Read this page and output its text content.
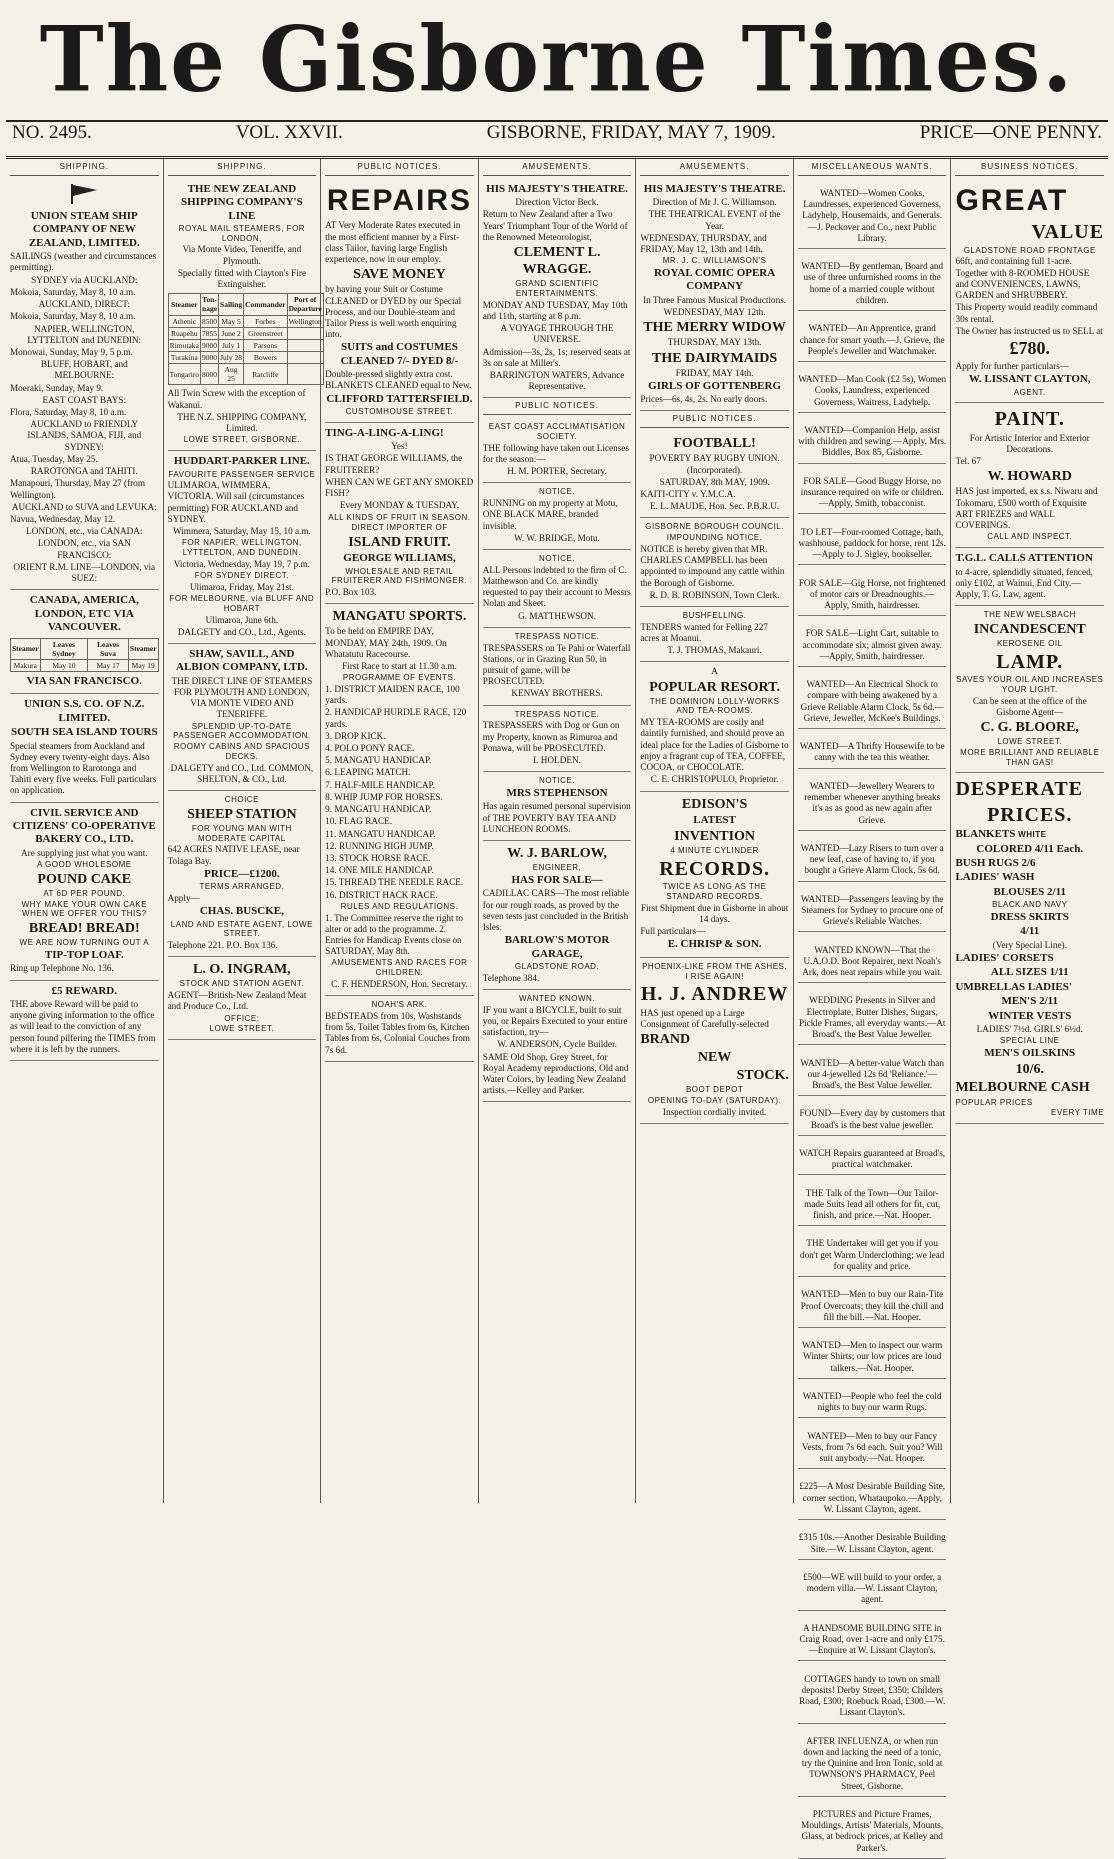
The Gisborne Times.
NO. 2495.	VOL. XXVII.	GISBORNE, FRIDAY, MAY 7, 1909.	PRICE—ONE PENNY.
SHIPPING.

UNION STEAM SHIP COMPANY OF NEW ZEALAND, LIMITED.

SAILINGS (weather and circumstances permitting).

SYDNEY via AUCKLAND:

Mokoia, Saturday, May 8, 10 a.m.

AUCKLAND, DIRECT:

Mokoia, Saturday, May 8, 10 a.m.

NAPIER, WELLINGTON, LYTTELTON and DUNEDIN:

Monowai, Sunday, May 9, 5 p.m.

BLUFF, HOBART, and MELBOURNE:

Moeraki, Sunday, May 9.

EAST COAST BAYS:

Flora, Saturday, May 8, 10 a.m.

AUCKLAND to FRIENDLY ISLANDS, SAMOA, FIJI, and SYDNEY:

Atua, Tuesday, May 25.

RAROTONGA and TAHITI.

Manapouri, Thursday, May 27 (from Wellington).

AUCKLAND to SUVA and LEVUKA:

Navua, Wednesday, May 12.

LONDON, etc., via CANADA:

LONDON, etc., via SAN FRANCISCO:

ORIENT R.M. LINE—LONDON, via SUEZ:

CANADA, AMERICA, LONDON, ETC VIA VANCOUVER.

Steamer	Leaves Sydney	Leaves Suva	Steamer
Makura	May 10	May 17	May 19

VIA SAN FRANCISCO.

UNION S.S. CO. OF N.Z. LIMITED.

SOUTH SEA ISLAND TOURS

Special steamers from Auckland and Sydney every twenty-eight days. Also from Wellington to Rarotonga and Tahiti every five weeks. Full particulars on application.

CIVIL SERVICE AND CITIZENS' CO-OPERATIVE BAKERY CO., LTD.

Are supplying just what you want.

A GOOD WHOLESOME

POUND CAKE

AT 6D PER POUND.

WHY MAKE YOUR OWN CAKE WHEN WE OFFER YOU THIS?

BREAD! BREAD!

WE ARE NOW TURNING OUT A

TIP-TOP LOAF.

Ring up Telephone No. 136.

£5 REWARD.

THE above Reward will be paid to anyone giving information to the office as will lead to the conviction of any person found pilfering the TIMES from where it is left by the runners.

SHIPPING.

THE NEW ZEALAND SHIPPING COMPANY'S LINE

ROYAL MAIL STEAMERS, FOR LONDON,

Via Monte Video, Teneriffe, and Plymouth.

Specially fitted with Clayton's Fire Extinguisher.

Steamer	Ton-nage	Sailing	Commander	Port of Departure
Athenic	8500	May 5	Forbes	Wellington
Ruapehu	7855	June 2	Greenstreet	
Rimutaka	9000	July 1	Parsons	
Turakina	9000	July 28	Bowers	
Tongariro	8000	Aug 25	Ratcliffe	

All Twin Screw with the exception of Wakanui.

THE N.Z. SHIPPING COMPANY, Limited.

LOWE STREET, GISBORNE.

HUDDART-PARKER LINE.

FAVOURITE PASSENGER SERVICE

ULIMAROA, WIMMERA, VICTORIA. Will sail (circumstances permitting) FOR AUCKLAND and SYDNEY.

Wimmera, Saturday, May 15, 10 a.m.

FOR NAPIER, WELLINGTON, LYTTELTON, AND DUNEDIN.

Victoria, Wednesday, May 19, 7 p.m.

FOR SYDNEY DIRECT.

Ulimaroa, Friday, May 21st.

FOR MELBOURNE, via BLUFF AND HOBART

Ulimaroa, June 6th.

DALGETY and CO., Ltd., Agents.

SHAW, SAVILL, AND ALBION COMPANY, LTD.

THE DIRECT LINE OF STEAMERS FOR PLYMOUTH AND LONDON, VIA MONTE VIDEO AND TENERIFFE.

SPLENDID UP-TO-DATE PASSENGER ACCOMMODATION.

ROOMY CABINS AND SPACIOUS DECKS.

DALGETY and CO., Ltd. COMMON, SHELTON, & CO., Ltd.

CHOICE

SHEEP STATION

FOR YOUNG MAN WITH MODERATE CAPITAL

642 ACRES NATIVE LEASE, near Tolaga Bay.

PRICE—£1200.

TERMS ARRANGED.

Apply—

CHAS. BUSCKE,

LAND AND ESTATE AGENT, LOWE STREET.

Telephone 221. P.O. Box 136.

L. O. INGRAM,

STOCK AND STATION AGENT.

AGENT—British-New Zealand Meat and Produce Co., Ltd.

OFFICE:

LOWE STREET.

PUBLIC NOTICES.

REPAIRS

AT Very Moderate Rates executed in the most efficient manner by a First-class Tailor, having large English experience, now in our employ.

SAVE MONEY

by having your Suit or Costume CLEANED or DYED by our Special Process, and our Double-steam and Tailor Press is well worth enquiring into.

SUITS and COSTUMES CLEANED 7/- DYED 8/-

Double-pressed slightly extra cost. BLANKETS CLEANED equal to New.

CLIFFORD TATTERSFIELD.

CUSTOMHOUSE STREET.

TING-A-LING-A-LING!

Yes!

IS THAT GEORGE WILLIAMS, the FRUITERER?

WHEN CAN WE GET ANY SMOKED FISH?

Every MONDAY & TUESDAY.

ALL KINDS OF FRUIT IN SEASON.

DIRECT IMPORTER OF

ISLAND FRUIT.

GEORGE WILLIAMS,

WHOLESALE AND RETAIL FRUITERER AND FISHMONGER.

P.O. Box 103.

MANGATU SPORTS.

To be held on EMPIRE DAY, MONDAY, MAY 24th, 1909. On Whatatutu Racecourse.

First Race to start at 11.30 a.m.

PROGRAMME OF EVENTS.

1. DISTRICT MAIDEN RACE, 100 yards.

2. HANDICAP HURDLE RACE, 120 yards.

3. DROP KICK.

4. POLO PONY RACE.

5. MANGATU HANDICAP.

6. LEAPING MATCH.

7. HALF-MILE HANDICAP.

8. WHIP JUMP FOR HORSES.

9. MANGATU HANDICAP.

10. FLAG RACE.

11. MANGATU HANDICAP.

12. RUNNING HIGH JUMP.

13. STOCK HORSE RACE.

14. ONE MILE HANDICAP.

15. THREAD THE NEEDLE RACE.

16. DISTRICT HACK RACE.

RULES AND REGULATIONS.

1. The Committee reserve the right to alter or add to the programme. 2. Entries for Handicap Events close on SATURDAY, May 8th.

AMUSEMENTS AND RACES FOR CHILDREN.

C. F. HENDERSON, Hon. Secretary.

NOAH'S ARK.

BEDSTEADS from 10s, Washstands from 5s, Toilet Tables from 6s, Kitchen Tables from 6s, Colonial Couches from 7s 6d.

AMUSEMENTS.

HIS MAJESTY'S THEATRE.

Direction Victor Beck.

Return to New Zealand after a Two Years' Triumphant Tour of the World of the Renowned Meteorologist,

CLEMENT L. WRAGGE.

GRAND SCIENTIFIC ENTERTAINMENTS.

MONDAY AND TUESDAY, May 10th and 11th, starting at 8 p.m.

A VOYAGE THROUGH THE UNIVERSE.

Admission—3s, 2s, 1s; reserved seats at 3s on sale at Miller's.

BARRINGTON WATERS, Advance Representative.

PUBLIC NOTICES.

EAST COAST ACCLIMATISATION SOCIETY.

THE following have taken out Licenses for the season:—

H. M. PORTER, Secretary.

NOTICE.

RUNNING on my property at Motu, ONE BLACK MARE, branded invisible.

W. W. BRIDGE, Motu.

NOTICE.

ALL Persons indebted to the firm of C. Matthewson and Co. are kindly requested to pay their account to Messrs Nolan and Skeet.

G. MATTHEWSON.

TRESPASS NOTICE.

TRESPASSERS on Te Pahi or Waterfall Stations, or in Grazing Run 50, in pursuit of game, will be PROSECUTED.

KENWAY BROTHERS.

TRESPASS NOTICE.

TRESPASSERS with Dog or Gun on my Property, known as Rimuroa and Ponawa, will be PROSECUTED.

I. HOLDEN.

NOTICE.

MRS STEPHENSON

Has again resumed personal supervision of THE POVERTY BAY TEA AND LUNCHEON ROOMS.

W. J. BARLOW,

ENGINEER,

HAS FOR SALE—

CADILLAC CARS—The most reliable for our rough roads, as proved by the seven tests just concluded in the British Isles.

BARLOW'S MOTOR GARAGE,

GLADSTONE ROAD.

Telephone 384.

WANTED KNOWN.

IF you want a BICYCLE, built to suit you, or Repairs Executed to your entire satisfaction, try—

W. ANDERSON, Cycle Builder.

SAME Old Shop, Grey Street, for Royal Academy reproductions, Old and Water Colors, by leading New Zealand artists.—Kelley and Parker.

AMUSEMENTS.

HIS MAJESTY'S THEATRE.

Direction of Mr J. C. Williamson.

THE THEATRICAL EVENT of the Year.

WEDNESDAY, THURSDAY, and FRIDAY, May 12, 13th and 14th.

MR. J. C. WILLIAMSON'S

ROYAL COMIC OPERA COMPANY

In Three Famous Musical Productions.

WEDNESDAY, MAY 12th.

THE MERRY WIDOW

THURSDAY, MAY 13th.

THE DAIRYMAIDS

FRIDAY, MAY 14th.

GIRLS OF GOTTENBERG

Prices—6s, 4s, 2s. No early doors.

PUBLIC NOTICES.

FOOTBALL!

POVERTY BAY RUGBY UNION. (Incorporated).

SATURDAY, 8th MAY, 1909.

KAITI-CITY v. Y.M.C.A.

E. L. MAUDE, Hon. Sec. P.B.R.U.

GISBORNE BOROUGH COUNCIL.

IMPOUNDING NOTICE.

NOTICE is hereby given that MR. CHARLES CAMPBELL has been appointed to impound any cattle within the Borough of Gisborne.

R. D. B. ROBINSON, Town Clerk.

BUSHFELLING.

TENDERS wanted for Felling 227 acres at Moanui.

T. J. THOMAS, Makauri.

A

POPULAR RESORT.

THE DOMINION LOLLY-WORKS AND TEA-ROOMS.

MY TEA-ROOMS are cosily and daintily furnished, and should prove an ideal place for the Ladies of Gisborne to enjoy a fragrant cup of TEA, COFFEE, COCOA, or CHOCOLATE.

C. E. CHRISTOPULO, Proprietor.

EDISON'S

LATEST

INVENTION

4 MINUTE CYLINDER

RECORDS.

TWICE AS LONG AS THE STANDARD RECORDS.

First Shipment due in Gisborne in about 14 days.

Full particulars—

E. CHRISP & SON.

PHOENIX-LIKE FROM THE ASHES, I RISE AGAIN!

H. J. ANDREW

HAS just opened up a Large Consignment of Carefully-selected

BRAND

NEW

STOCK.

BOOT DEPOT

OPENING TO-DAY (SATURDAY).

Inspection cordially invited.

MISCELLANEOUS WANTS.

WANTED—Women Cooks, Laundresses, experienced Governess, Ladyhelp, Housemaids, and Generals.—J. Peckover and Co., next Public Library.

WANTED—By gentleman, Board and use of three unfurnished rooms in the home of a married couple without children.

WANTED—An Apprentice, grand chance for smart youth.—J. Grieve, the People's Jeweller and Watchmaker.

WANTED—Man Cook (£2 5s), Women Cooks, Laundress, experienced Governess, Waitress, Ladyhelp.

WANTED—Companion Help, assist with children and sewing.—Apply, Mrs. Biddles, Box 85, Gisborne.

FOR SALE—Good Buggy Horse, no insurance required on wife or children.—Apply, Smith, tobacconist.

TO LET—Four-roomed Cottage, bath, washhouse, paddock for horse, rent 12s.—Apply to J. Sigley, bookseller.

FOR SALE—Gig Horse, not frightened of motor cars or Dreadnoughts.—Apply, Smith, hairdresser.

FOR SALE—Light Cart, suitable to accommodate six; almost given away.—Apply, Smith, hairdresser.

WANTED—An Electrical Shock to compare with being awakened by a Grieve Reliable Alarm Clock, 5s 6d.—Grieve, Jeweller, McKee's Buildings.

WANTED—A Thrifty Housewife to be canny with the tea this weather.

WANTED—Jewellery Wearers to remember whenever anything breaks it's as as good as new again after Grieve.

WANTED—Lazy Risers to turn over a new leaf, case of having to, if you bought a Grieve Alarm Clock, 5s 6d.

WANTED—Passengers leaving by the Steamers for Sydney to procure one of Grieve's Reliable Watches.

WANTED KNOWN—That the U.A.O.D. Boot Repairer, next Noah's Ark, does neat repairs while you wait.

WEDDING Presents in Silver and Electroplate, Butter Dishes, Sugars, Pickle Frames, all everyday wants.—At Broad's, the Best Value Jeweller.

WANTED—A better-value Watch than our 4-jewelled 12s 6d 'Reliance.'—Broad's, the Best Value Jeweller.

FOUND—Every day by customers that Broad's is the best value jeweller.

WATCH Repairs guaranteed at Broad's, practical watchmaker.

THE Talk of the Town—Our Tailor-made Suits lead all others for fit, cut, finish, and price.—Nat. Hooper.

THE Undertaker will get you if you don't get Warm Underclothing; we lead for quality and price.

WANTED—Men to buy our Rain-Tite Proof Overcoats; they kill the chill and fill the bill.—Nat. Hooper.

WANTED—Men to inspect our warm Winter Shirts; our low prices are loud talkers.—Nat. Hooper.

WANTED—People who feel the cold nights to buy our warm Rugs.

WANTED—Men to buy our Fancy Vests, from 7s 6d each. Suit you? Will suit anybody.—Nat. Hooper.

£225—A Most Desirable Building Site, corner section, Whataupoko.—Apply, W. Lissant Clayton, agent.

£315 10s.—Another Desirable Building Site.—W. Lissant Clayton, agent.

£500—WE will build to your order, a modern villa.—W. Lissant Clayton, agent.

A HANDSOME BUILDING SITE in Craig Road, over 1-acre and only £175.—Enquire at W. Lissant Clayton's.

COTTAGES handy to town on small deposits! Derby Street, £350; Childers Road, £300; Roebuck Road, £300.—W. Lissant Clayton's.

AFTER INFLUENZA, or when run down and lacking the need of a tonic, try the Quinine and Iron Tonic, sold at TOWNSON'S PHARMACY, Peel Street, Gisborne.

PICTURES and Picture Frames, Mouldings, Artists' Materials, Mounts, Glass, at bedrock prices, at Kelley and Parker's.

BUSINESS NOTICES.

GREAT

VALUE

GLADSTONE ROAD FRONTAGE

66ft, and containing full 1-acre. Together with 8-ROOMED HOUSE and CONVENIENCES, LAWNS, GARDEN and SHRUBBERY.

This Property would readily command 30s rental.

The Owner has instructed us to SELL at

£780.

Apply for further particulars—

W. LISSANT CLAYTON,

AGENT.

PAINT.

For Artistic Interior and Exterior Decorations.

Tel. 67

W. HOWARD

HAS just imported, ex s.s. Niwaru and Tokomaru, £500 worth of Exquisite ART FRIEZES and WALL COVERINGS.

CALL AND INSPECT.

T.G.L. CALLS ATTENTION

to 4-acre, splendidly situated, fenced, only £102, at Wainui, End City.—Apply, T. G. Law, agent.

THE NEW WELSBACH

INCANDESCENT

KEROSENE OIL

LAMP.

SAVES YOUR OIL AND INCREASES YOUR LIGHT.

Can be seen at the office of the Gisborne Agent—

C. G. BLOORE,

LOWE STREET.

MORE BRILLIANT AND RELIABLE THAN GAS!

DESPERATE

PRICES.

BLANKETS WHITE

COLORED 4/11 Each.

BUSH RUGS 2/6

LADIES' WASH

BLOUSES 2/11

BLACK AND NAVY

DRESS SKIRTS

4/11

(Very Special Line).

LADIES' CORSETS

ALL SIZES 1/11

UMBRELLAS LADIES'

MEN'S 2/11

WINTER VESTS

LADIES' 7½d. GIRLS' 6½d.

SPECIAL LINE

MEN'S OILSKINS

10/6.

MELBOURNE CASH

POPULAR PRICES

EVERY TIME
